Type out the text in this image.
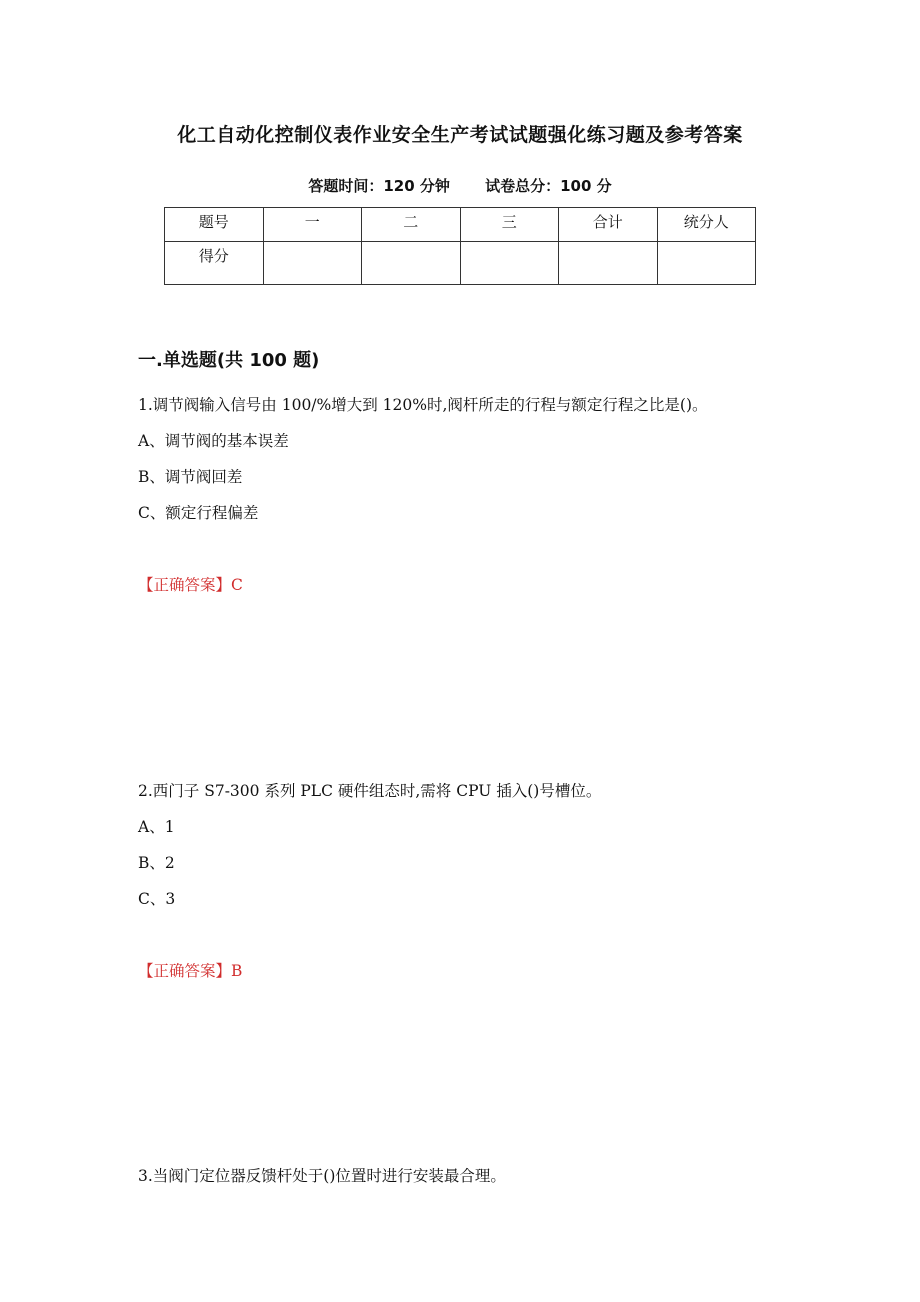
化工自动化控制仪表作业安全生产考试试题强化练习题及参考答案
答题时间：120 分钟 试卷总分：100 分
题号	一	二	三	合计	统分人
得分					
一.单选题(共 100 题)
1.调节阀输入信号由 100/%增大到 120%时,阀杆所走的行程与额定行程之比是()。
A、调节阀的基本误差
B、调节阀回差
C、额定行程偏差
【正确答案】C
2.西门子 S7-300 系列 PLC 硬件组态时,需将 CPU 插入()号槽位。
A、1
B、2
C、3
【正确答案】B
3.当阀门定位器反馈杆处于()位置时进行安装最合理。
